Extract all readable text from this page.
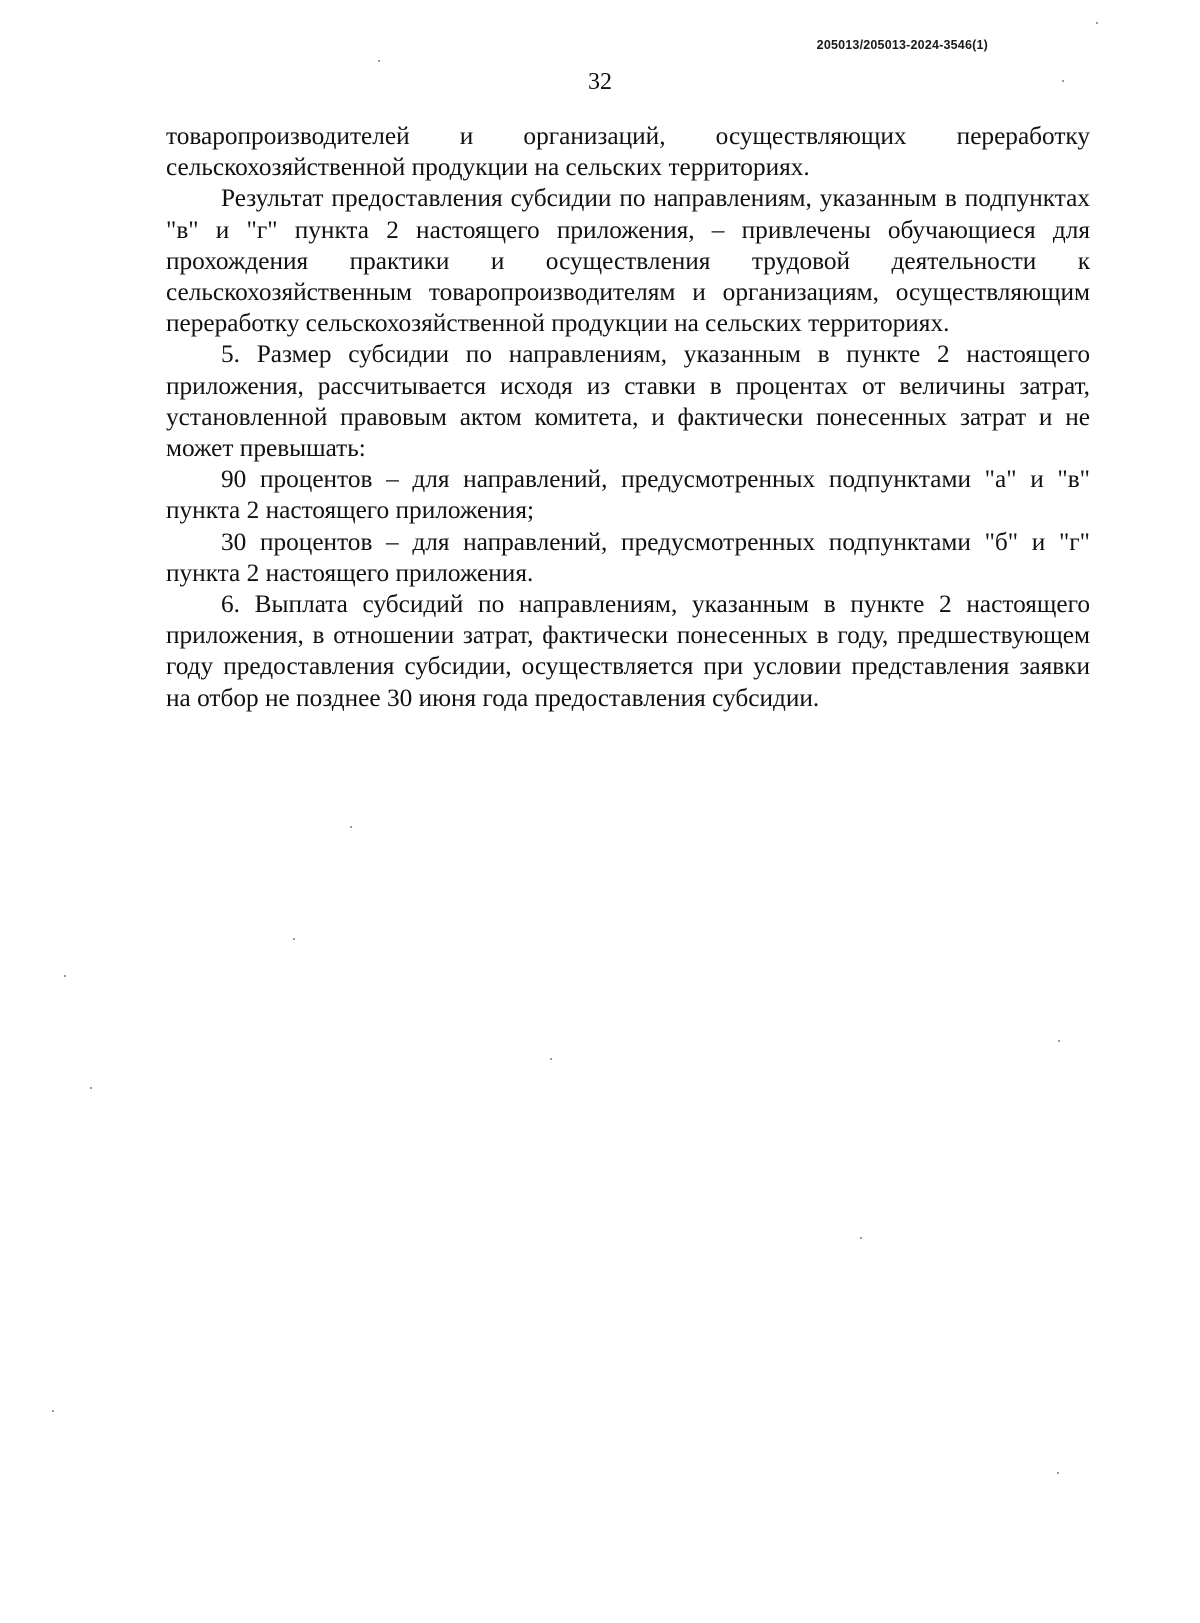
205013/205013-2024-3546(1)
32

товаропроизводителей и организаций, осуществляющих переработку сельскохозяйственной продукции на сельских территориях.

Результат предоставления субсидии по направлениям, указанным в подпунктах "в" и "г" пункта 2 настоящего приложения, – привлечены обучающиеся для прохождения практики и осуществления трудовой деятельности к сельскохозяйственным товаропроизводителям и организациям, осуществляющим переработку сельскохозяйственной продукции на сельских территориях.

5. Размер субсидии по направлениям, указанным в пункте 2 настоящего приложения, рассчитывается исходя из ставки в процентах от величины затрат, установленной правовым актом комитета, и фактически понесенных затрат и не может превышать:

90 процентов – для направлений, предусмотренных подпунктами "а" и "в" пункта 2 настоящего приложения;

30 процентов – для направлений, предусмотренных подпунктами "б" и "г" пункта 2 настоящего приложения.

6. Выплата субсидий по направлениям, указанным в пункте 2 настоящего приложения, в отношении затрат, фактически понесенных в году, предшествующем году предоставления субсидии, осуществляется при условии представления заявки на отбор не позднее 30 июня года предоставления субсидии.
